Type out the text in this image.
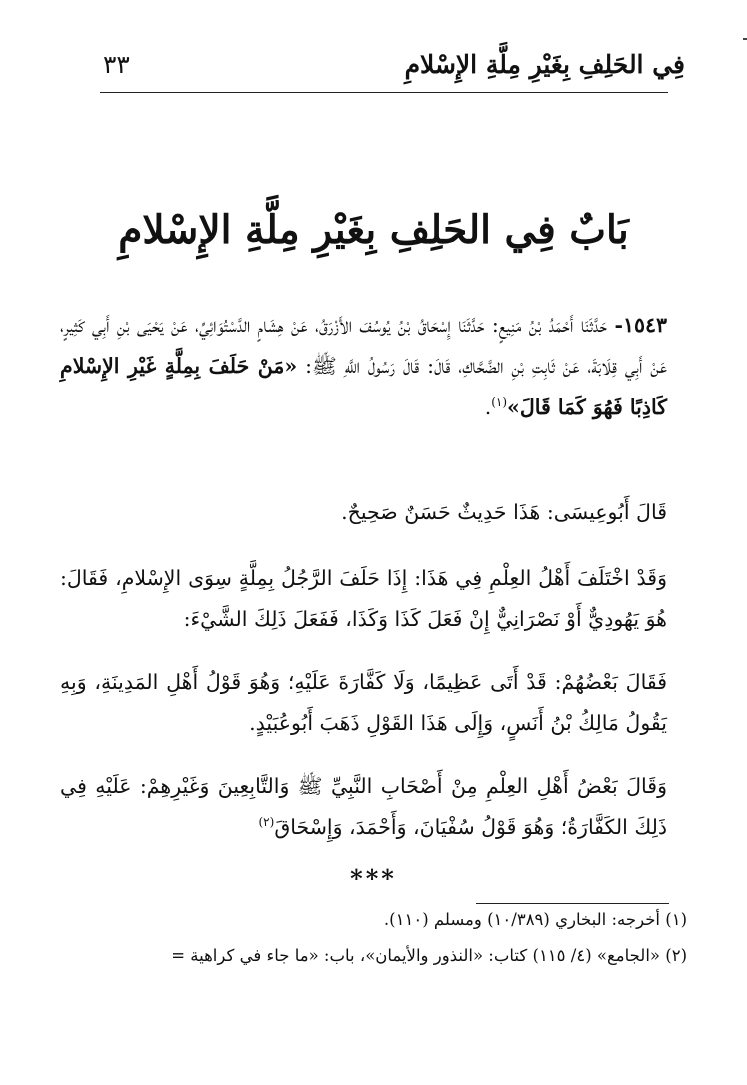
فِي الحَلِفِ بِغَيْرِ مِلَّةِ الإِسْلامِ
٣٣
بَابٌ فِي الحَلِفِ بِغَيْرِ مِلَّةِ الإِسْلامِ
١٥٤٣- حَدَّثَنَا أَحْمَدُ بْنُ مَنِيعٍ: حَدَّثَنَا إِسْحَاقُ بْنُ يُوسُفَ الأَزْرَقُ، عَنْ هِشَامٍ الدَّسْتُوَائِيِّ، عَنْ يَحْيَى بْنِ أَبِي كَثِيرٍ، عَنْ أَبِي قِلَابَةَ، عَنْ ثَابِتِ بْنِ الضَّحَّاكِ، قَالَ: قَالَ رَسُولُ اللَّهِ ﷺ: «مَنْ حَلَفَ بِمِلَّةٍ غَيْرِ الإِسْلامِ كَاذِبًا فَهُوَ كَمَا قَالَ»$^{(١)}$.
قَالَ أَبُوعِيسَى: هَذَا حَدِيثٌ حَسَنٌ صَحِيحٌ.
وَقَدْ اخْتَلَفَ أَهْلُ العِلْمِ فِي هَذَا: إِذَا حَلَفَ الرَّجُلُ بِمِلَّةٍ سِوَى الإِسْلامِ، فَقَالَ: هُوَ يَهُودِيٌّ أَوْ نَصْرَانِيٌّ إِنْ فَعَلَ كَذَا وَكَذَا، فَفَعَلَ ذَلِكَ الشَّيْءَ:
فَقَالَ بَعْضُهُمْ: قَدْ أَتَى عَظِيمًا، وَلَا كَفَّارَةَ عَلَيْهِ؛ وَهُوَ قَوْلُ أَهْلِ المَدِينَةِ، وَبِهِ يَقُولُ مَالِكُ بْنُ أَنَسٍ، وَإِلَى هَذَا القَوْلِ ذَهَبَ أَبُوعُبَيْدٍ.
وَقَالَ بَعْضُ أَهْلِ العِلْمِ مِنْ أَصْحَابِ النَّبِيِّ ﷺ وَالتَّابِعِينَ وَغَيْرِهِمْ: عَلَيْهِ فِي ذَلِكَ الكَفَّارَةُ؛ وَهُوَ قَوْلُ سُفْيَانَ، وَأَحْمَدَ، وَإِسْحَاقَ$^{(٢)}$
***
(١) أخرجه: البخاري (١٠/٣٨٩) ومسلم (١١٠).
(٢) «الجامع» (٤/ ١١٥) كتاب: «النذور والأيمان»، باب: «ما جاء في كراهية =
